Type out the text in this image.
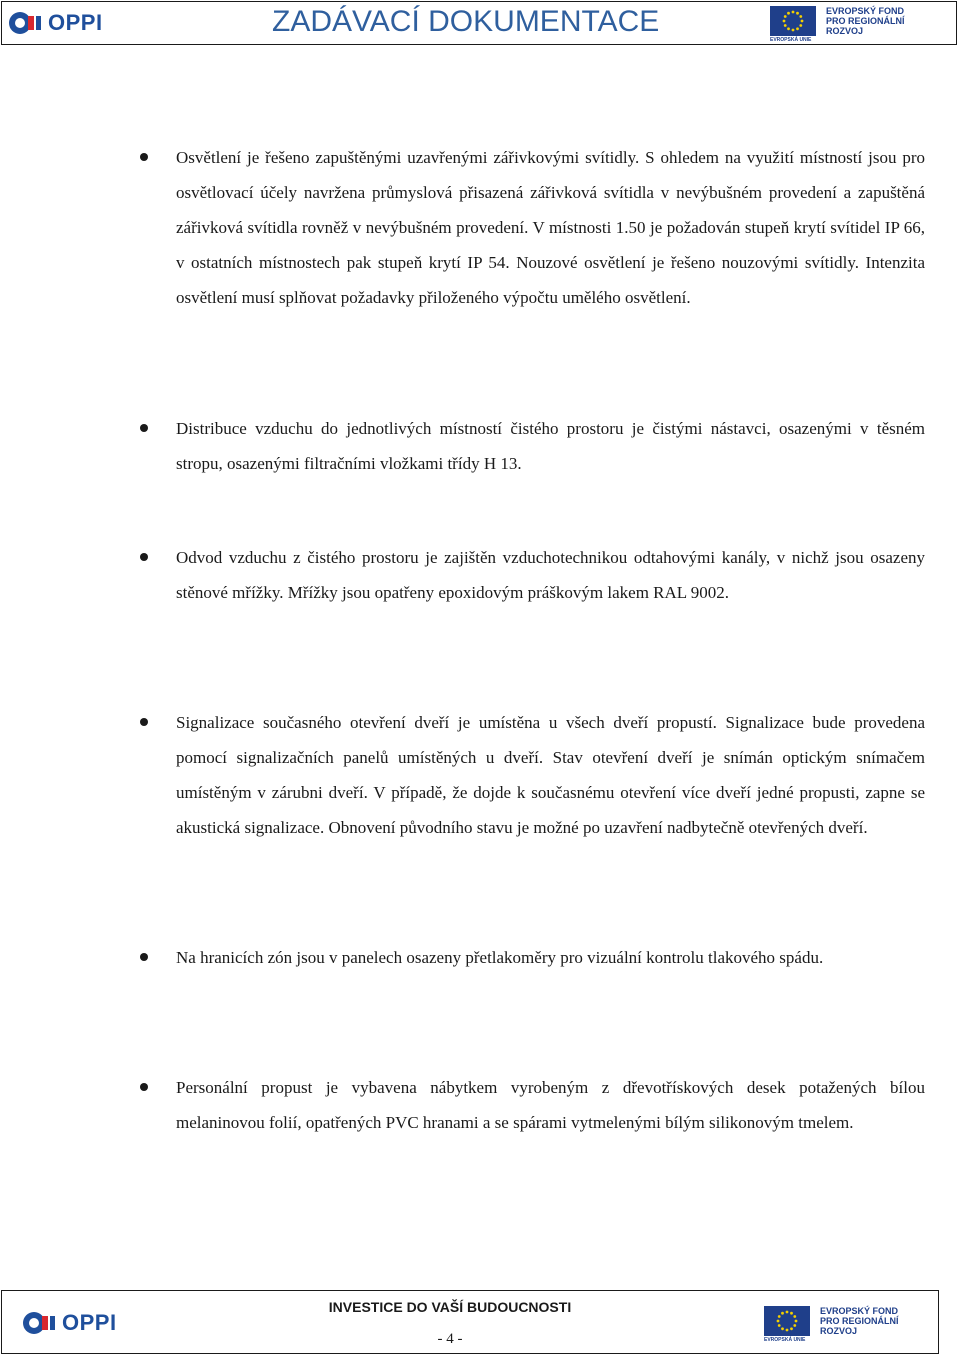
OPPI	ZADÁVACÍ DOKUMENTACE
EVROPSKÁ UNIE
EVROPSKÝ FOND
PRO REGIONÁLNÍ
ROZVOJ
Osvětlení je řešeno zapuštěnými uzavřenými zářivkovými svítidly. S ohledem na využití místností jsou pro osvětlovací účely navržena průmyslová přisazená zářivková svítidla v nevýbušném provedení a zapuštěná zářivková svítidla rovněž v nevýbušném provedení. V místnosti 1.50 je požadován stupeň krytí svítidel IP 66, v ostatních místnostech pak stupeň krytí IP 54. Nouzové osvětlení je řešeno nouzovými svítidly. Intenzita osvětlení musí splňovat požadavky přiloženého výpočtu umělého osvětlení.
Distribuce vzduchu do jednotlivých místností čistého prostoru je čistými nástavci, osazenými v těsném stropu, osazenými filtračními vložkami třídy H 13.
Odvod vzduchu z čistého prostoru je zajištěn vzduchotechnikou odtahovými kanály, v nichž jsou osazeny stěnové mřížky. Mřížky jsou opatřeny epoxidovým práškovým lakem RAL 9002.
Signalizace současného otevření dveří je umístěna u všech dveří propustí. Signalizace bude provedena pomocí signalizačních panelů umístěných u dveří. Stav otevření dveří je snímán optickým snímačem umístěným v zárubni dveří. V případě, že dojde k současnému otevření více dveří jedné propusti, zapne se akustická signalizace. Obnovení původního stavu je možné po uzavření nadbytečně otevřených dveří.
Na hranicích zón jsou v panelech osazeny přetlakoměry pro vizuální kontrolu tlakového spádu.
Personální propust je vybavena nábytkem vyrobeným z dřevotřískových desek potažených bílou melaninovou folií, opatřených PVC hranami a se spárami vytmelenými bílým silikonovým tmelem.
OPPI
INVESTICE DO VAŠÍ BUDOUCNOSTI
- 4 -	EVROPSKÁ UNIE
EVROPSKÝ FOND
PRO REGIONÁLNÍ
ROZVOJ
